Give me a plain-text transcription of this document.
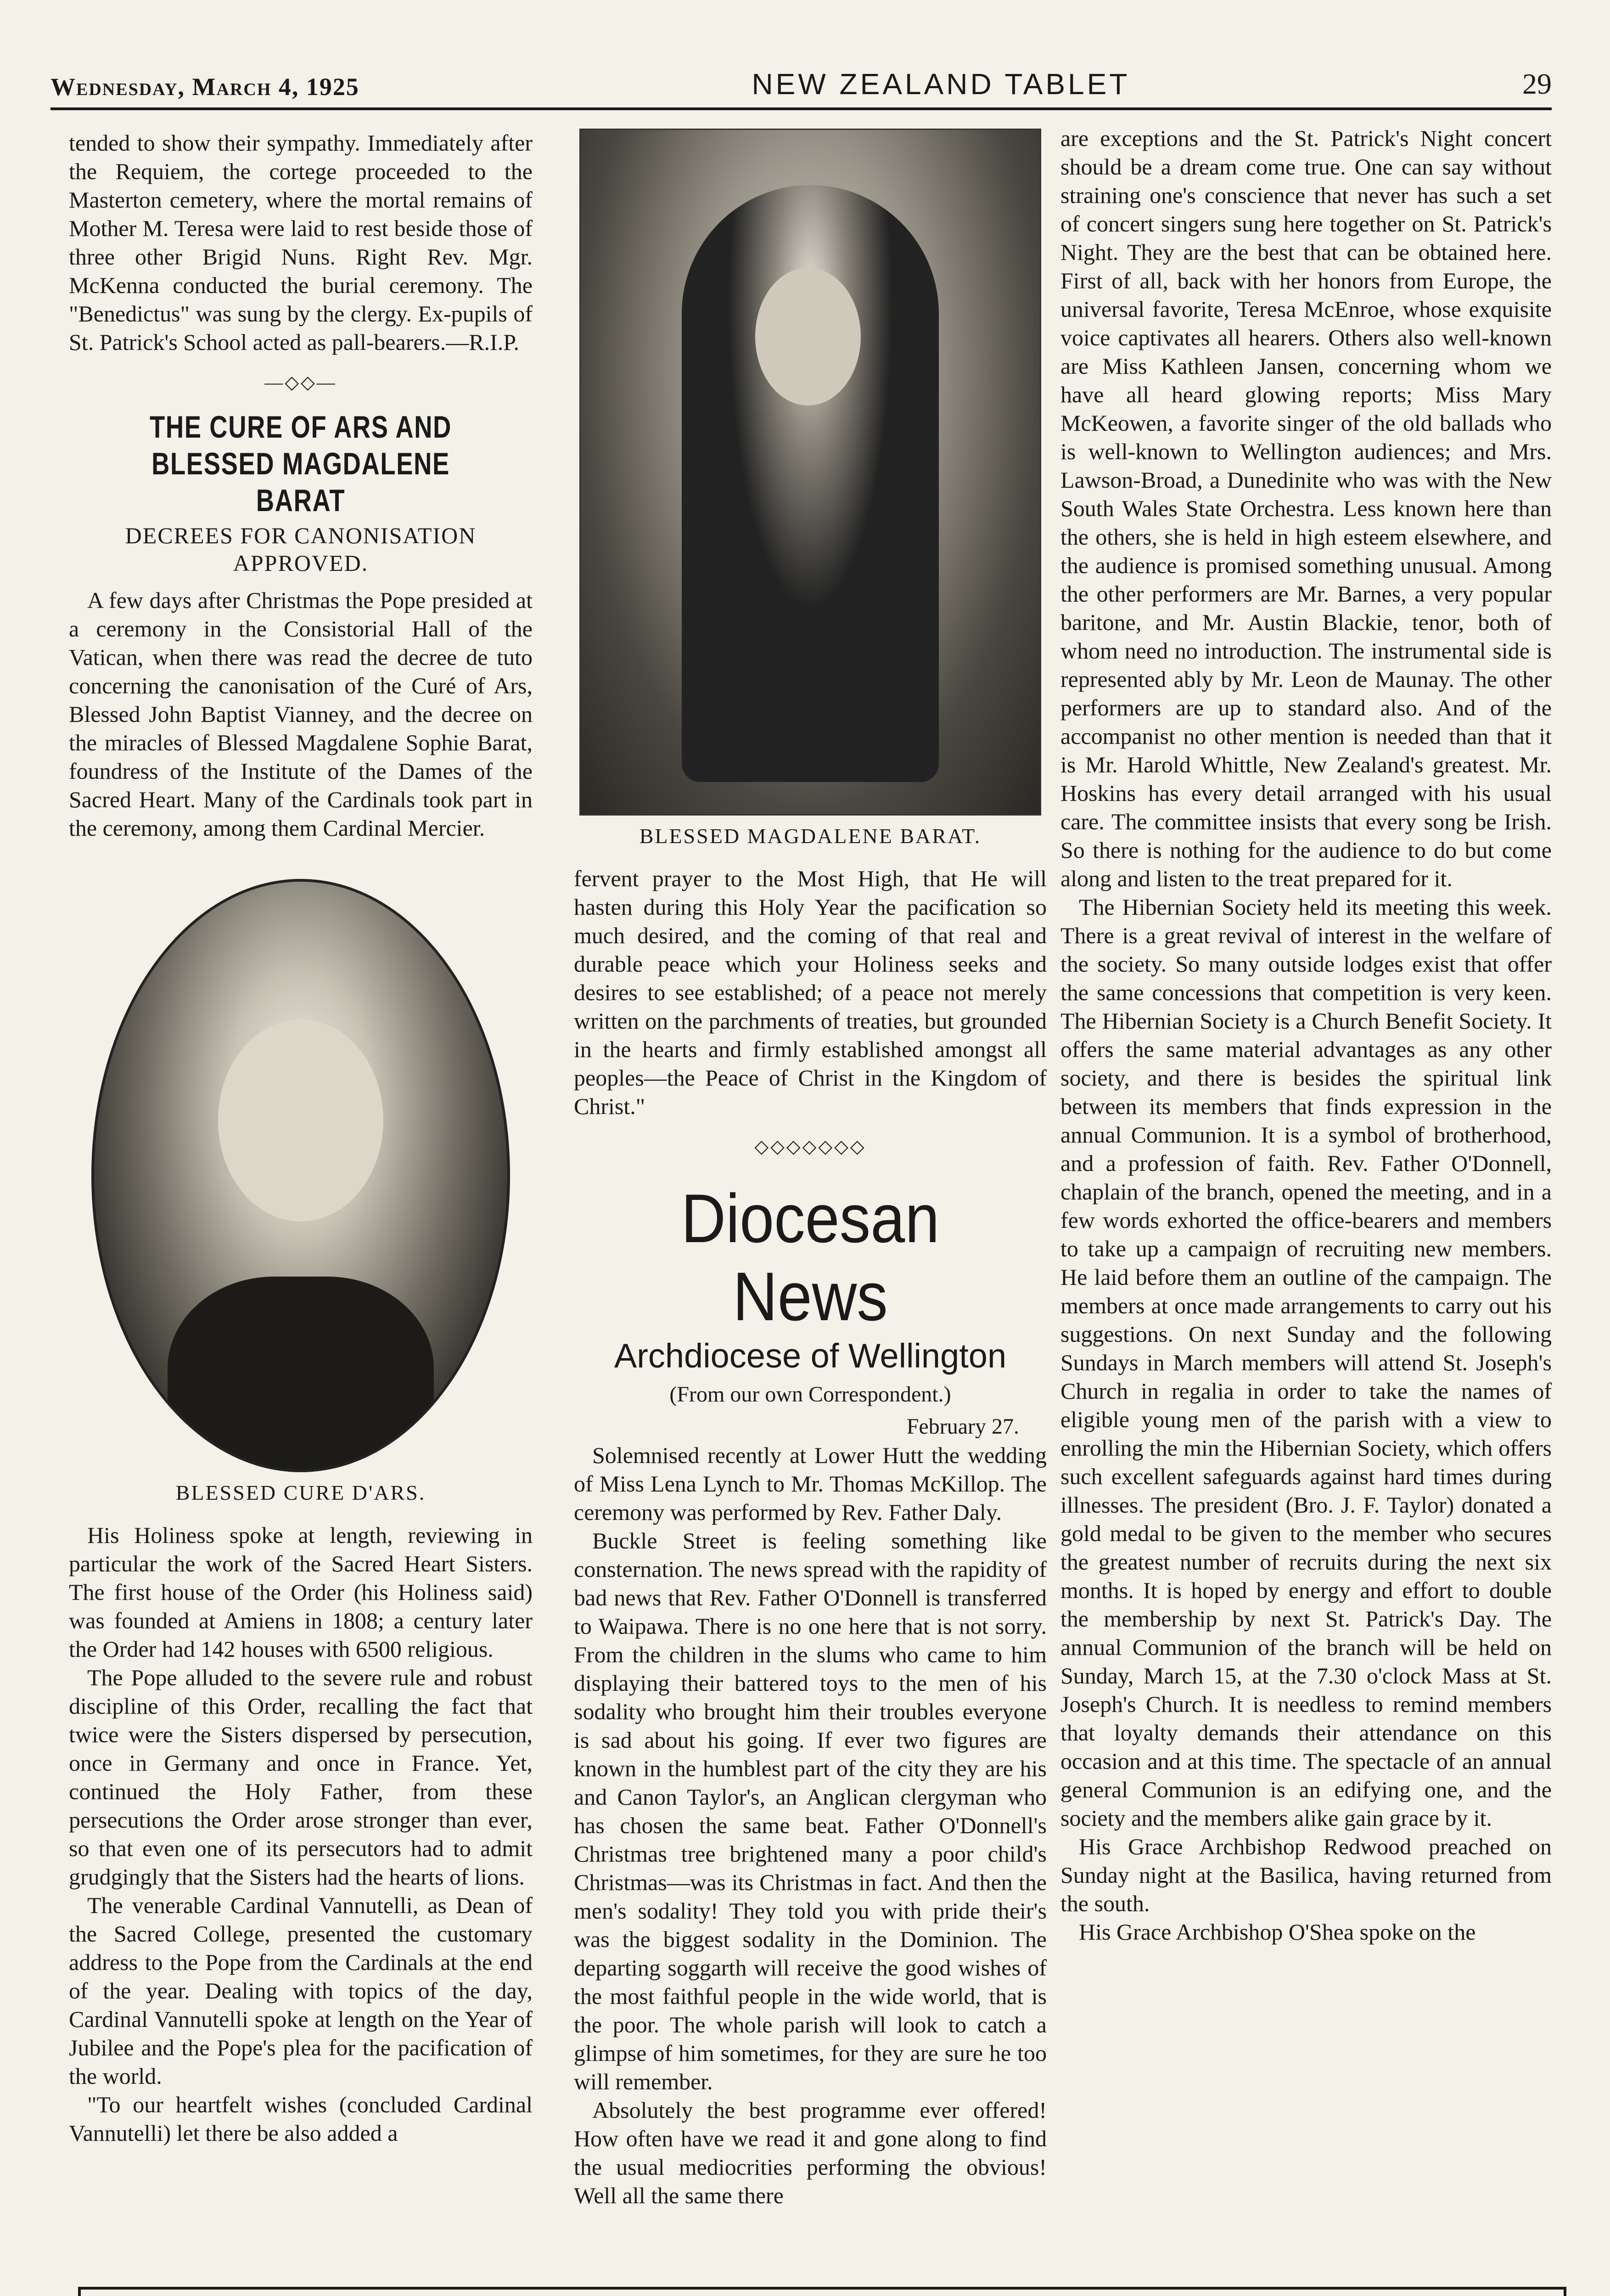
Wednesday, March 4, 1925	NEW ZEALAND TABLET	29

tended to show their sympathy. Immediately after the Requiem, the cortege proceeded to the Masterton cemetery, where the mortal remains of Mother M. Teresa were laid to rest beside those of three other Brigid Nuns. Right Rev. Mgr. McKenna conducted the burial ceremony. The "Benedictus" was sung by the clergy. Ex-pupils of St. Patrick's School acted as pall-bearers.—R.I.P.

—◇◇—
THE CURE OF ARS AND BLESSED MAGDALENE BARAT
DECREES FOR CANONISATION APPROVED.

A few days after Christmas the Pope presided at a ceremony in the Consistorial Hall of the Vatican, when there was read the decree de tuto concerning the canonisation of the Curé of Ars, Blessed John Baptist Vianney, and the decree on the miracles of Blessed Magdalene Sophie Barat, foundress of the Institute of the Dames of the Sacred Heart. Many of the Cardinals took part in the ceremony, among them Cardinal Mercier.

BLESSED CURE D'ARS.

His Holiness spoke at length, reviewing in particular the work of the Sacred Heart Sisters. The first house of the Order (his Holiness said) was founded at Amiens in 1808; a century later the Order had 142 houses with 6500 religious.

The Pope alluded to the severe rule and robust discipline of this Order, recalling the fact that twice were the Sisters dispersed by persecution, once in Germany and once in France. Yet, continued the Holy Father, from these persecutions the Order arose stronger than ever, so that even one of its persecutors had to admit grudgingly that the Sisters had the hearts of lions.

The venerable Cardinal Vannutelli, as Dean of the Sacred College, presented the customary address to the Pope from the Cardinals at the end of the year. Dealing with topics of the day, Cardinal Vannutelli spoke at length on the Year of Jubilee and the Pope's plea for the pacification of the world.

"To our heartfelt wishes (concluded Cardinal Vannutelli) let there be also added a

BLESSED MAGDALENE BARAT.

fervent prayer to the Most High, that He will hasten during this Holy Year the pacification so much desired, and the coming of that real and durable peace which your Holiness seeks and desires to see established; of a peace not merely written on the parchments of treaties, but grounded in the hearts and firmly established amongst all peoples—the Peace of Christ in the Kingdom of Christ."

◇◇◇◇◇◇◇
Diocesan News
Archdiocese of Wellington
(From our own Correspondent.)
February 27.

Solemnised recently at Lower Hutt the wedding of Miss Lena Lynch to Mr. Thomas McKillop. The ceremony was performed by Rev. Father Daly.

Buckle Street is feeling something like consternation. The news spread with the rapidity of bad news that Rev. Father O'Donnell is transferred to Waipawa. There is no one here that is not sorry. From the children in the slums who came to him displaying their battered toys to the men of his sodality who brought him their troubles everyone is sad about his going. If ever two figures are known in the humblest part of the city they are his and Canon Taylor's, an Anglican clergyman who has chosen the same beat. Father O'Donnell's Christmas tree brightened many a poor child's Christmas—was its Christmas in fact. And then the men's sodality! They told you with pride their's was the biggest sodality in the Dominion. The departing soggarth will receive the good wishes of the most faithful people in the wide world, that is the poor. The whole parish will look to catch a glimpse of him sometimes, for they are sure he too will remember.

Absolutely the best programme ever offered! How often have we read it and gone along to find the usual mediocrities performing the obvious! Well all the same there

are exceptions and the St. Patrick's Night concert should be a dream come true. One can say without straining one's conscience that never has such a set of concert singers sung here together on St. Patrick's Night. They are the best that can be obtained here. First of all, back with her honors from Europe, the universal favorite, Teresa McEnroe, whose exquisite voice captivates all hearers. Others also well-known are Miss Kathleen Jansen, concerning whom we have all heard glowing reports; Miss Mary McKeowen, a favorite singer of the old ballads who is well-known to Wellington audiences; and Mrs. Lawson-Broad, a Dunedinite who was with the New South Wales State Orchestra. Less known here than the others, she is held in high esteem elsewhere, and the audience is promised something unusual. Among the other performers are Mr. Barnes, a very popular baritone, and Mr. Austin Blackie, tenor, both of whom need no introduction. The instrumental side is represented ably by Mr. Leon de Maunay. The other performers are up to standard also. And of the accompanist no other mention is needed than that it is Mr. Harold Whittle, New Zealand's greatest. Mr. Hoskins has every detail arranged with his usual care. The committee insists that every song be Irish. So there is nothing for the audience to do but come along and listen to the treat prepared for it.

The Hibernian Society held its meeting this week. There is a great revival of interest in the welfare of the society. So many outside lodges exist that offer the same concessions that competition is very keen. The Hibernian Society is a Church Benefit Society. It offers the same material advantages as any other society, and there is besides the spiritual link between its members that finds expression in the annual Communion. It is a symbol of brotherhood, and a profession of faith. Rev. Father O'Donnell, chaplain of the branch, opened the meeting, and in a few words exhorted the office-bearers and members to take up a campaign of recruiting new members. He laid before them an outline of the campaign. The members at once made arrangements to carry out his suggestions. On next Sunday and the following Sundays in March members will attend St. Joseph's Church in regalia in order to take the names of eligible young men of the parish with a view to enrolling the min the Hibernian Society, which offers such excellent safeguards against hard times during illnesses. The president (Bro. J. F. Taylor) donated a gold medal to be given to the member who secures the greatest number of recruits during the next six months. It is hoped by energy and effort to double the membership by next St. Patrick's Day. The annual Communion of the branch will be held on Sunday, March 15, at the 7.30 o'clock Mass at St. Joseph's Church. It is needless to remind members that loyalty demands their attendance on this occasion and at this time. The spectacle of an annual general Communion is an edifying one, and the society and the members alike gain grace by it.

His Grace Archbishop Redwood preached on Sunday night at the Basilica, having returned from the south.

His Grace Archbishop O'Shea spoke on the
